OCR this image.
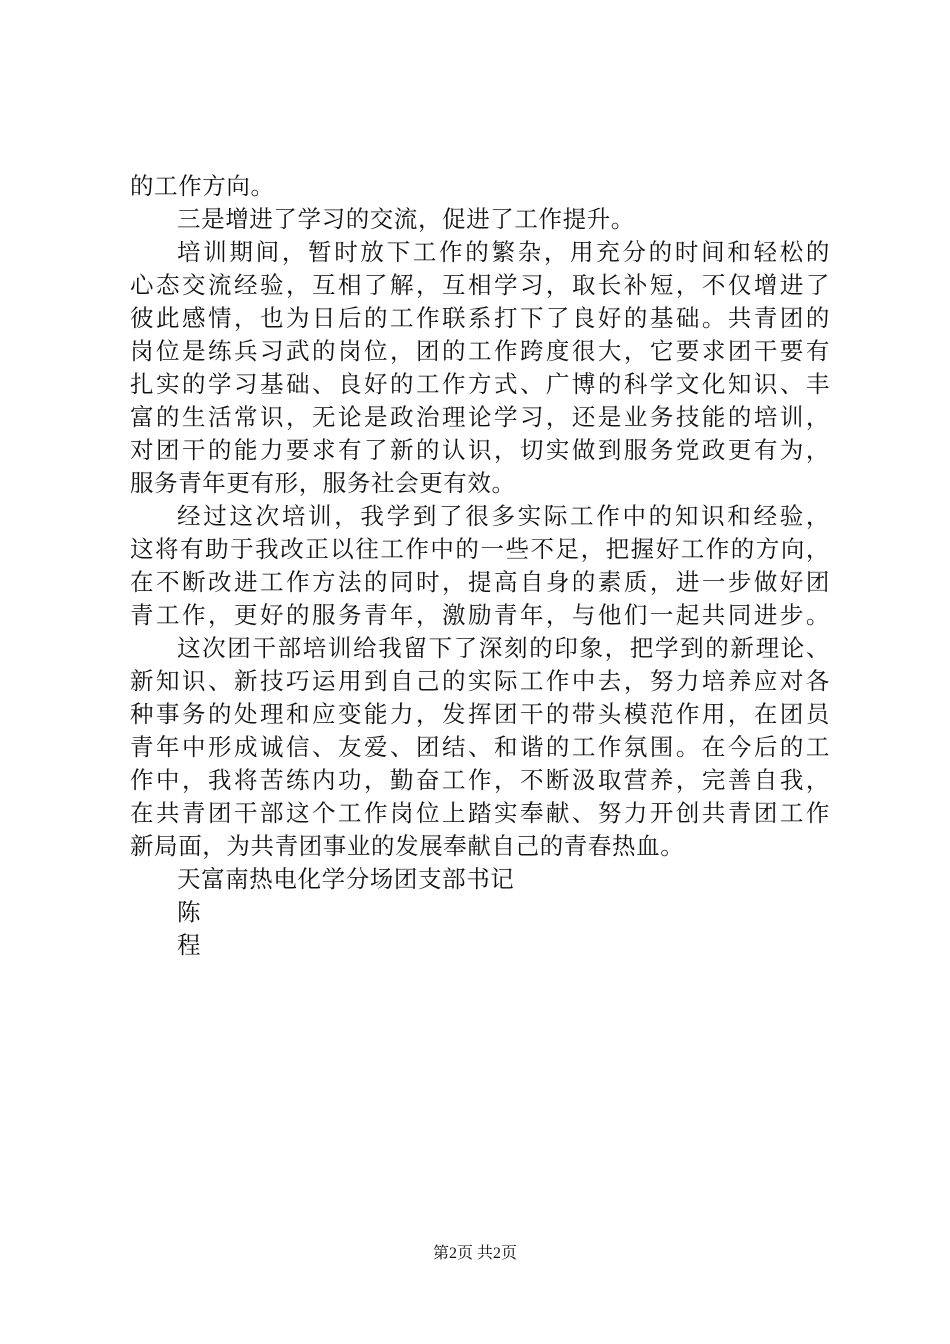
的工作方向。
三是增进了学习的交流，促进了工作提升。
培训期间，暂时放下工作的繁杂，用充分的时间和轻松的
心态交流经验，互相了解，互相学习，取长补短，不仅增进了
彼此感情，也为日后的工作联系打下了良好的基础。共青团的
岗位是练兵习武的岗位，团的工作跨度很大，它要求团干要有
扎实的学习基础、良好的工作方式、广博的科学文化知识、丰
富的生活常识，无论是政治理论学习，还是业务技能的培训，
对团干的能力要求有了新的认识，切实做到服务党政更有为，
服务青年更有形，服务社会更有效。
经过这次培训，我学到了很多实际工作中的知识和经验，
这将有助于我改正以往工作中的一些不足，把握好工作的方向，
在不断改进工作方法的同时，提高自身的素质，进一步做好团
青工作，更好的服务青年，激励青年，与他们一起共同进步。
这次团干部培训给我留下了深刻的印象，把学到的新理论、
新知识、新技巧运用到自己的实际工作中去，努力培养应对各
种事务的处理和应变能力，发挥团干的带头模范作用，在团员
青年中形成诚信、友爱、团结、和谐的工作氛围。在今后的工
作中，我将苦练内功，勤奋工作，不断汲取营养，完善自我，
在共青团干部这个工作岗位上踏实奉献、努力开创共青团工作
新局面，为共青团事业的发展奉献自己的青春热血。
天富南热电化学分场团支部书记
陈
程
第2页 共2页
